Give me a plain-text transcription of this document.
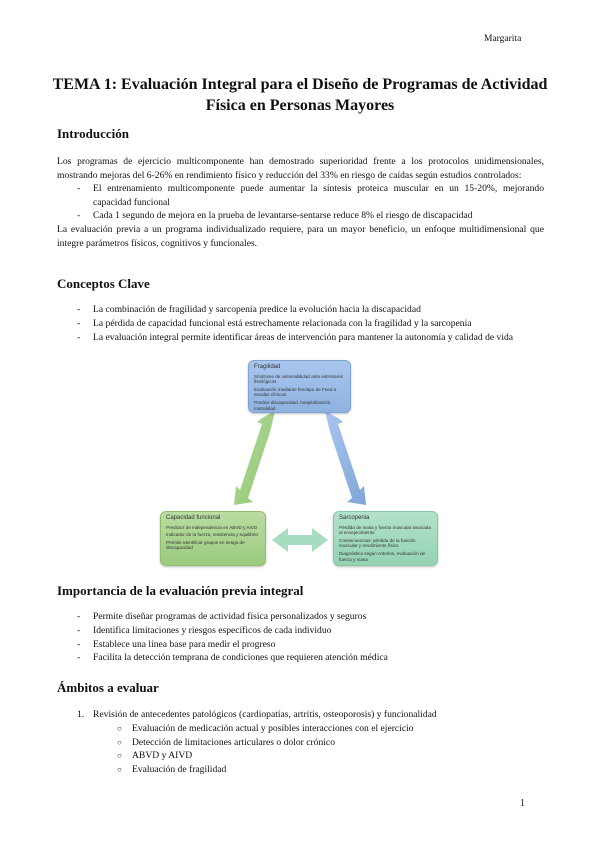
Margarita
TEMA 1: Evaluación Integral para el Diseño de Programas de Actividad
Física en Personas Mayores
Introducción

Los programas de ejercicio multicomponente han demostrado superioridad frente a los protocolos unidimensionales, mostrando mejoras del 6-26% en rendimiento físico y reducción del 33% en riesgo de caídas según estudios controlados:

- El entrenamiento multicomponente puede aumentar la síntesis proteica muscular en un 15-20%, mejorando capacidad funcional
- Cada 1 segundo de mejora en la prueba de levantarse-sentarse reduce 8% el riesgo de discapacidad

La evaluación previa a un programa individualizado requiere, para un mayor beneficio, un enfoque multidimensional que integre parámetros físicos, cognitivos y funcionales.

Conceptos Clave
- La combinación de fragilidad y sarcopenia predice la evolución hacia la discapacidad
- La pérdida de capacidad funcional está estrechamente relacionada con la fragilidad y la sarcopenia
- La evaluación integral permite identificar áreas de intervención para mantener la autonomía y calidad de vida
Fragilidad
Síndrome de vulnerabilidad ante estresores fisiológicos
Evaluación mediante fenotipo de Fried o escalas clínicas
Predice discapacidad, hospitalización, mortalidad
Capacidad funcional
Predictor de independencia en ABVD y AIVD
Indicador de la fuerza, resistencia y equilibrio
Permite identificar grupos en riesgo de discapacidad
Sarcopenia
Pérdida de masa y fuerza muscular asociada al envejecimiento
Consecuencias: pérdida de la función muscular y rendimiento físico
Diagnóstico según criterios, evaluación de fuerza y masa
Importancia de la evaluación previa integral
- Permite diseñar programas de actividad física personalizados y seguros
- Identifica limitaciones y riesgos específicos de cada individuo
- Establece una línea base para medir el progreso
- Facilita la detección temprana de condiciones que requieren atención médica
Ámbitos a evaluar
1. Revisión de antecedentes patológicos (cardiopatías, artritis, osteoporosis) y funcionalidad
○ Evaluación de medicación actual y posibles interacciones con el ejercicio
○ Detección de limitaciones articulares o dolor crónico
○ ABVD y AIVD
○ Evaluación de fragilidad
1
